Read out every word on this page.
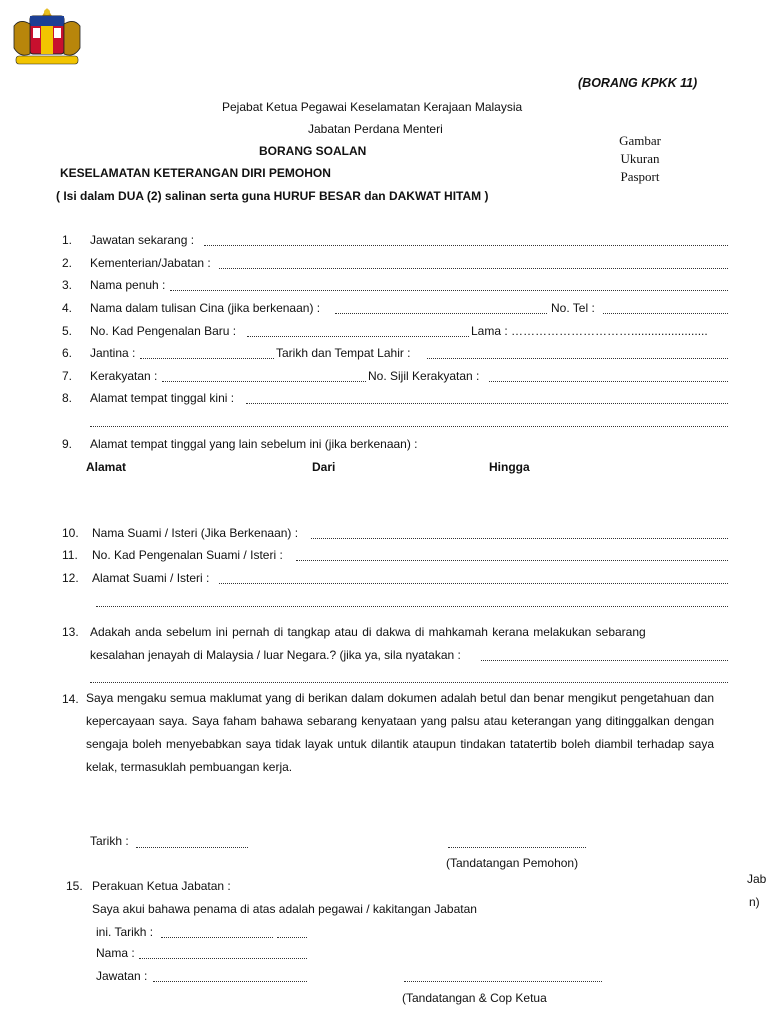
(BORANG KPKK 11)
Pejabat Ketua Pegawai Keselamatan Kerajaan Malaysia
Jabatan Perdana Menteri
BORANG SOALAN
KESELAMATAN KETERANGAN DIRI PEMOHON
( Isi dalam DUA (2) salinan serta guna HURUF BESAR dan DAKWAT HITAM )
Gambar
Ukuran
Pasport
1. Jawatan sekarang :
2. Kementerian/Jabatan :
3. Nama penuh :
4. Nama dalam tulisan Cina (jika berkenaan) :	No. Tel :
5. No. Kad Pengenalan Baru :	Lama : ………………………….......................
6. Jantina :	Tarikh dan Tempat Lahir :
7. Kerakyatan :	No. Sijil Kerakyatan :
8. Alamat tempat tinggal kini :
9. Alamat tempat tinggal yang lain sebelum ini (jika berkenaan) :
Alamat	Dari	Hingga
10. Nama Suami / Isteri (Jika Berkenaan) :
11. No. Kad Pengenalan Suami / Isteri :
12. Alamat Suami / Isteri :
13. Adakah anda sebelum ini pernah di tangkap atau di dakwa di mahkamah kerana melakukan sebarang
kesalahan jenayah di Malaysia / luar Negara.? (jika ya, sila nyatakan :
14. Saya mengaku semua maklumat yang di berikan dalam dokumen adalah betul dan benar mengikut pengetahuan dan kepercayaan saya. Saya faham bahawa sebarang kenyataan yang palsu atau keterangan yang ditinggalkan dengan sengaja boleh menyebabkan saya tidak layak untuk dilantik ataupun tindakan tatatertib boleh diambil terhadap saya kelak, termasuklah pembuangan kerja.
Tarikh :
(Tandatangan Pemohon)
15. Perakuan Ketua Jabatan :
Saya akui bahawa penama di atas adalah pegawai / kakitangan Jabatan
ini. Tarikh :
Nama :
Jawatan :
(Tandatangan & Cop Ketua
Jab
n)
